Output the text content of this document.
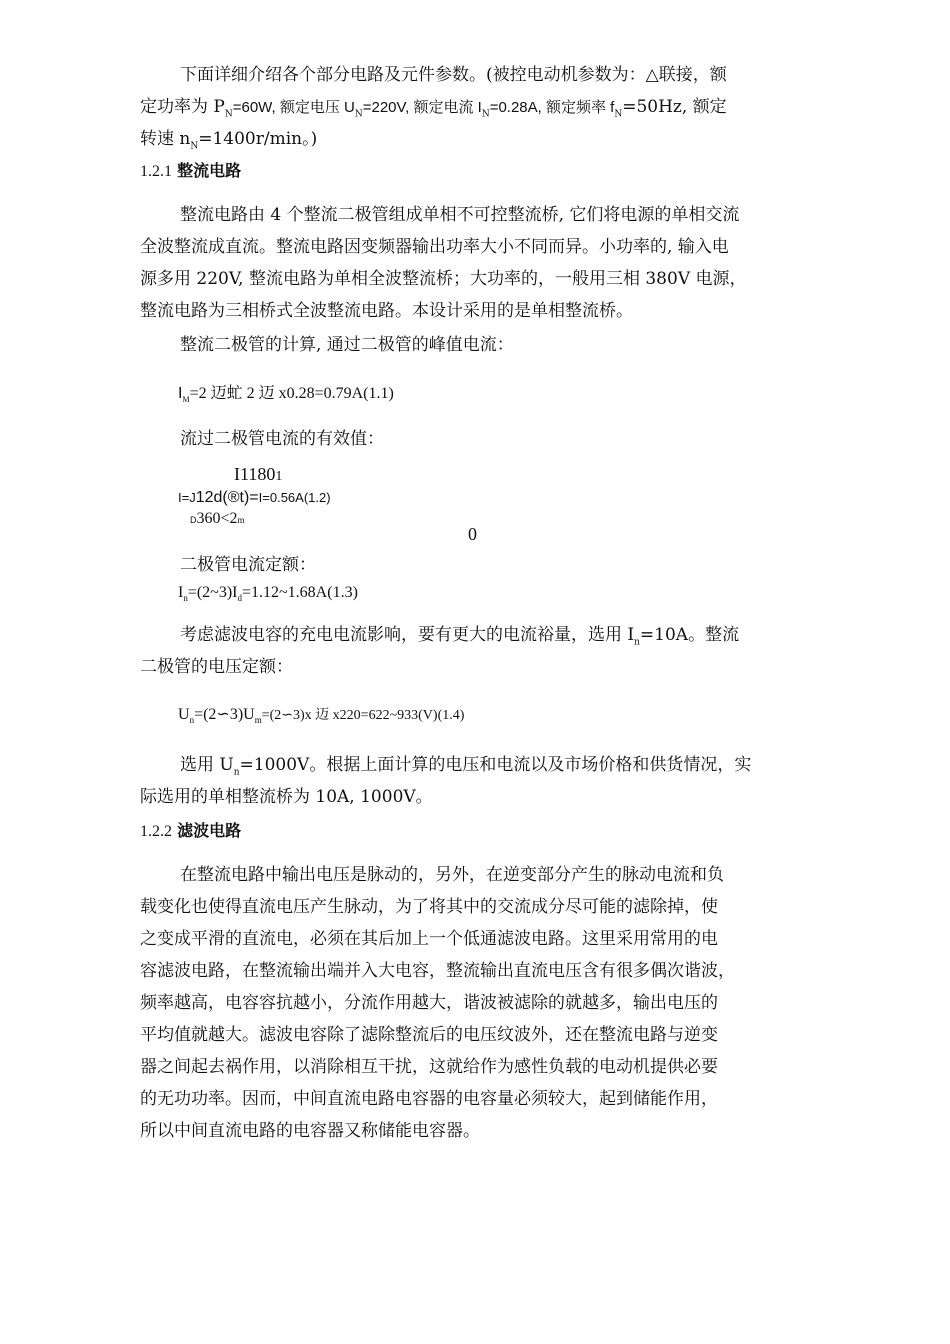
下面详细介绍各个部分电路及元件参数。(被控电动机参数为：△联接，额
定功率为 $P_N=60W$, 额定电压 $U_N=220V$, 额定电流 $I_N=0.28A$, 额定频率 $f_N=50Hz$, 额定
转速 $n_N=1400r/\min$。)
1.2.1 整流电路
整流电路由 4 个整流二极管组成单相不可控整流桥, 它们将电源的单相交流
全波整流成直流。整流电路因变频器输出功率大小不同而异。小功率的, 输入电
源多用 220V, 整流电路为单相全波整流桥；大功率的，一般用三相 380V 电源，
整流电路为三相桥式全波整流电路。本设计采用的是单相整流桥。
整流二极管的计算, 通过二极管的峰值电流：
$I_M=2$ 迈虻 2 迈 x0.28=0.79A(1.1)
流过二极管电流的有效值：
I11801
I=J12d(®t)=I=0.56A(1.2)
D360<2m
0
二极管电流定额：
$I_n=(2\sim 3)I_d=1.12\sim 1.68A(1.3)$
考虑滤波电容的充电电流影响，要有更大的电流裕量，选用 $I_n=10A$。整流
二极管的电压定额：
$U_n=(2∽3)U_m=(2∽3)x$ 迈 x220=622~933(V)(1.4)
选用 $U_n=1000V$。根据上面计算的电压和电流以及市场价格和供货情况，实
际选用的单相整流桥为 10A, 1000V。
1.2.2 滤波电路
在整流电路中输出电压是脉动的，另外，在逆变部分产生的脉动电流和负
载变化也使得直流电压产生脉动，为了将其中的交流成分尽可能的滤除掉，使
之变成平滑的直流电，必须在其后加上一个低通滤波电路。这里采用常用的电
容滤波电路，在整流输出端并入大电容，整流输出直流电压含有很多偶次谐波，
频率越高，电容容抗越小，分流作用越大，谐波被滤除的就越多，输出电压的
平均值就越大。滤波电容除了滤除整流后的电压纹波外，还在整流电路与逆变
器之间起去祸作用，以消除相互干扰，这就给作为感性负载的电动机提供必要
的无功功率。因而，中间直流电路电容器的电容量必须较大，起到储能作用，
所以中间直流电路的电容器又称储能电容器。
